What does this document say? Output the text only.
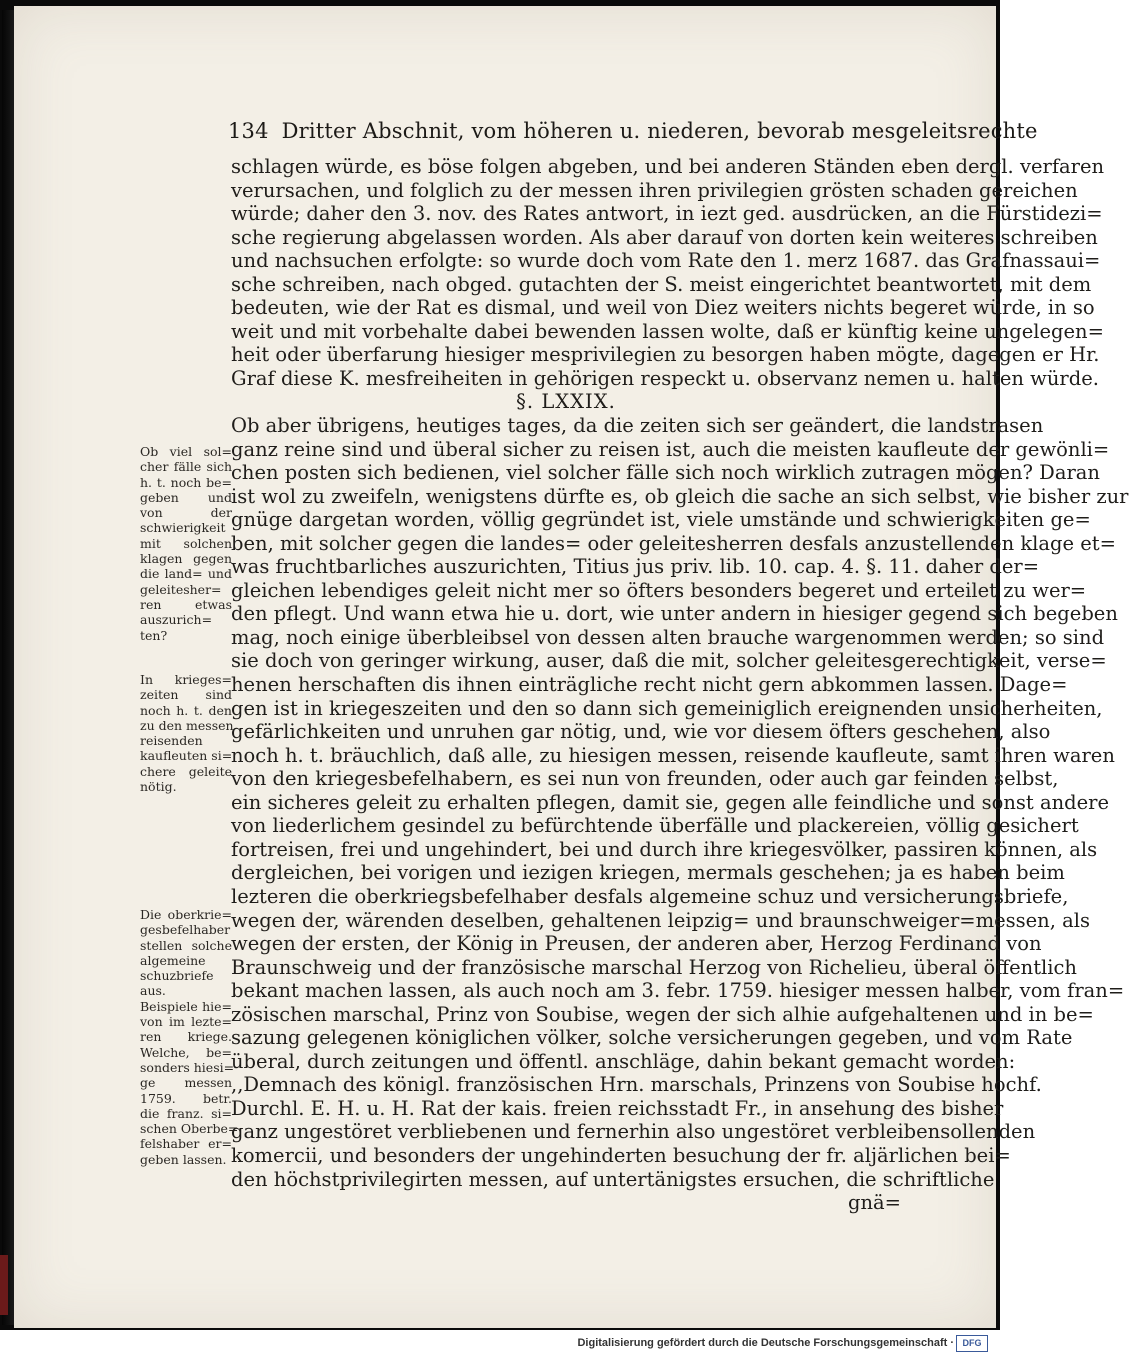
134 Dritter Abschnit, vom höheren u. niederen, bevorab mesgeleitsrechte
schlagen würde, es böse folgen abgeben, und bei anderen Ständen eben dergl. verfaren
verursachen, und folglich zu der messen ihren privilegien grösten schaden gereichen
würde; daher den 3. nov. des Rates antwort, in iezt ged. ausdrücken, an die Fürstidezi=
sche regierung abgelassen worden. Als aber darauf von dorten kein weiteres schreiben
und nachsuchen erfolgte: so wurde doch vom Rate den 1. merz 1687. das Grafnassaui=
sche schreiben, nach obged. gutachten der S. meist eingerichtet beantwortet, mit dem
bedeuten, wie der Rat es dismal, und weil von Diez weiters nichts begeret würde, in so
weit und mit vorbehalte dabei bewenden lassen wolte, daß er künftig keine ungelegen=
heit oder überfarung hiesiger mesprivilegien zu besorgen haben mögte, dagegen er Hr.
Graf diese K. mesfreiheiten in gehörigen respeckt u. observanz nemen u. halten würde.
§. LXXIX.
Ob aber übrigens, heutiges tages, da die zeiten sich ser geändert, die landstrasen
ganz reine sind und überal sicher zu reisen ist, auch die meisten kaufleute der gewönli=
chen posten sich bedienen, viel solcher fälle sich noch wirklich zutragen mögen? Daran
ist wol zu zweifeln, wenigstens dürfte es, ob gleich die sache an sich selbst, wie bisher zur
gnüge dargetan worden, völlig gegründet ist, viele umstände und schwierigkeiten ge=
ben, mit solcher gegen die landes= oder geleitesherren desfals anzustellenden klage et=
was fruchtbarliches auszurichten, Titius jus priv. lib. 10. cap. 4. §. 11. daher der=
gleichen lebendiges geleit nicht mer so öfters besonders begeret und erteilet zu wer=
den pflegt. Und wann etwa hie u. dort, wie unter andern in hiesiger gegend sich begeben
mag, noch einige überbleibsel von dessen alten brauche wargenommen werden; so sind
sie doch von geringer wirkung, auser, daß die mit, solcher geleitesgerechtigkeit, verse=
henen herschaften dis ihnen einträgliche recht nicht gern abkommen lassen. Dage=
gen ist in kriegeszeiten und den so dann sich gemeiniglich ereignenden unsicherheiten,
gefärlichkeiten und unruhen gar nötig, und, wie vor diesem öfters geschehen, also
noch h. t. bräuchlich, daß alle, zu hiesigen messen, reisende kaufleute, samt ihren waren
von den kriegesbefelhabern, es sei nun von freunden, oder auch gar feinden selbst,
ein sicheres geleit zu erhalten pflegen, damit sie, gegen alle feindliche und sonst andere
von liederlichem gesindel zu befürchtende überfälle und plackereien, völlig gesichert
fortreisen, frei und ungehindert, bei und durch ihre kriegesvölker, passiren können, als
dergleichen, bei vorigen und iezigen kriegen, mermals geschehen; ja es haben beim
lezteren die oberkriegsbefelhaber desfals algemeine schuz und versicherungsbriefe,
wegen der, wärenden deselben, gehaltenen leipzig= und braunschweiger=messen, als
wegen der ersten, der König in Preusen, der anderen aber, Herzog Ferdinand von
Braunschweig und der französische marschal Herzog von Richelieu, überal öffentlich
bekant machen lassen, als auch noch am 3. febr. 1759. hiesiger messen halber, vom fran=
zösischen marschal, Prinz von Soubise, wegen der sich alhie aufgehaltenen und in be=
sazung gelegenen königlichen völker, solche versicherungen gegeben, und vom Rate
überal, durch zeitungen und öffentl. anschläge, dahin bekant gemacht worden:
,,Demnach des königl. französischen Hrn. marschals, Prinzens von Soubise hochf.
Durchl. E. H. u. H. Rat der kais. freien reichsstadt Fr., in ansehung des bisher
ganz ungestöret verbliebenen und fernerhin also ungestöret verbleibensollenden
komercii, und besonders der ungehinderten besuchung der fr. aljärlichen bei=
den höchstprivilegirten messen, auf untertänigstes ersuchen, die schriftliche
gnä=
Ob viel sol=
cher fälle sich
h. t. noch be=
geben und
von der
schwierigkeit
mit solchen
klagen gegen
die land= und
geleitesher=
ren etwas
auszurich=
ten?
In krieges=
zeiten sind
noch h. t. den
zu den messen
reisenden
kaufleuten si=
chere geleite
nötig.
Die oberkrie=
gesbefelhaber
stellen solche
algemeine
schuzbriefe
aus.
Beispiele hie=
von im lezte=
ren kriege.
Welche, be=
sonders hiesi=
ge messen
1759. betr.
die franz. si=
schen Oberbe=
felshaber er=
geben lassen.
Digitalisierung gefördert durch die Deutsche Forschungsgemeinschaft · DFG
